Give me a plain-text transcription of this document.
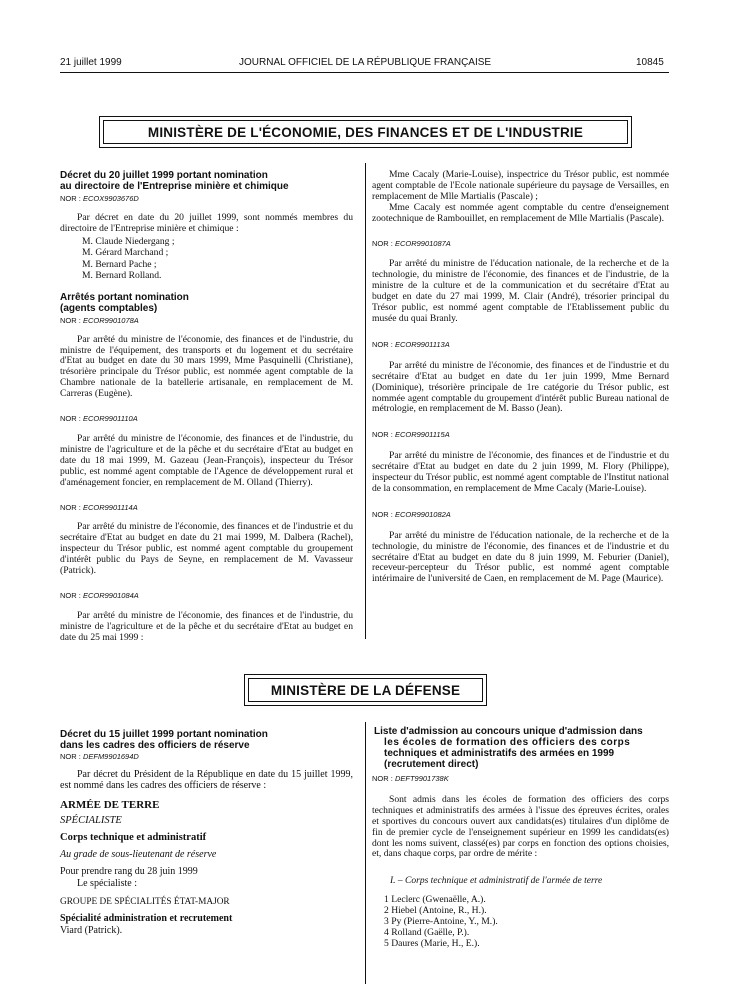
21 juillet 1999	JOURNAL OFFICIEL DE LA RÉPUBLIQUE FRANÇAISE	10845
MINISTÈRE DE L'ÉCONOMIE, DES FINANCES ET DE L'INDUSTRIE

Décret du 20 juillet 1999 portant nomination

au directoire de l'Entreprise minière et chimique

NOR : ECOX9903676D

Par décret en date du 20 juillet 1999, sont nommés membres du directoire de l'Entreprise minière et chimique :

M. Claude Niedergang ;
M. Gérard Marchand ;
M. Bernard Pache ;
M. Bernard Rolland.

Arrêtés portant nomination

(agents comptables)

NOR : ECOR9901078A

Par arrêté du ministre de l'économie, des finances et de l'industrie, du ministre de l'équipement, des transports et du logement et du secrétaire d'Etat au budget en date du 30 mars 1999, Mme Pasquinelli (Christiane), trésorière principale du Trésor public, est nommée agent comptable de la Chambre nationale de la batellerie artisanale, en remplacement de M. Carreras (Eugène).

NOR : ECOR9901110A

Par arrêté du ministre de l'économie, des finances et de l'industrie, du ministre de l'agriculture et de la pêche et du secrétaire d'Etat au budget en date du 18 mai 1999, M. Gazeau (Jean-François), inspecteur du Trésor public, est nommé agent comptable de l'Agence de développement rural et d'aménagement foncier, en remplacement de M. Olland (Thierry).

NOR : ECOR9901114A

Par arrêté du ministre de l'économie, des finances et de l'industrie et du secrétaire d'Etat au budget en date du 21 mai 1999, M. Dalbera (Rachel), inspecteur du Trésor public, est nommé agent comptable du groupement d'intérêt public du Pays de Seyne, en remplacement de M. Vavasseur (Patrick).

NOR : ECOR9901084A

Par arrêté du ministre de l'économie, des finances et de l'industrie, du ministre de l'agriculture et de la pêche et du secrétaire d'Etat au budget en date du 25 mai 1999 :

Mme Cacaly (Marie-Louise), inspectrice du Trésor public, est nommée agent comptable de l'Ecole nationale supérieure du paysage de Versailles, en remplacement de Mlle Martialis (Pascale) ;

Mme Cacaly est nommée agent comptable du centre d'enseignement zootechnique de Rambouillet, en remplacement de Mlle Martialis (Pascale).

NOR : ECOR9901087A

Par arrêté du ministre de l'éducation nationale, de la recherche et de la technologie, du ministre de l'économie, des finances et de l'industrie, de la ministre de la culture et de la communication et du secrétaire d'Etat au budget en date du 27 mai 1999, M. Clair (André), trésorier principal du Trésor public, est nommé agent comptable de l'Etablissement public du musée du quai Branly.

NOR : ECOR9901113A

Par arrêté du ministre de l'économie, des finances et de l'industrie et du secrétaire d'Etat au budget en date du 1er juin 1999, Mme Bernard (Dominique), trésorière principale de 1re catégorie du Trésor public, est nommée agent comptable du groupement d'intérêt public Bureau national de métrologie, en remplacement de M. Basso (Jean).

NOR : ECOR9901115A

Par arrêté du ministre de l'économie, des finances et de l'industrie et du secrétaire d'Etat au budget en date du 2 juin 1999, M. Flory (Philippe), inspecteur du Trésor public, est nommé agent comptable de l'Institut national de la consommation, en remplacement de Mme Cacaly (Marie-Louise).

NOR : ECOR9901082A

Par arrêté du ministre de l'éducation nationale, de la recherche et de la technologie, du ministre de l'économie, des finances et de l'industrie et du secrétaire d'Etat au budget en date du 8 juin 1999, M. Feburier (Daniel), receveur-percepteur du Trésor public, est nommé agent comptable intérimaire de l'université de Caen, en remplacement de M. Page (Maurice).

MINISTÈRE DE LA DÉFENSE

Décret du 15 juillet 1999 portant nomination

dans les cadres des officiers de réserve

NOR : DEFM9901694D

Par décret du Président de la République en date du 15 juillet 1999, est nommé dans les cadres des officiers de réserve :

ARMÉE DE TERRE

SPÉCIALISTE

Corps technique et administratif

Au grade de sous-lieutenant de réserve

Pour prendre rang du 28 juin 1999

Le spécialiste :

GROUPE DE SPÉCIALITÉS ÉTAT-MAJOR

Spécialité administration et recrutement

Viard (Patrick).

Liste d'admission au concours unique d'admission dans

les écoles de formation des officiers des corps

techniques et administratifs des armées en 1999

(recrutement direct)

NOR : DEFT9901738K

Sont admis dans les écoles de formation des officiers des corps techniques et administratifs des armées à l'issue des épreuves écrites, orales et sportives du concours ouvert aux candidats(es) titulaires d'un diplôme de fin de premier cycle de l'enseignement supérieur en 1999 les candidats(es) dont les noms suivent, classé(es) par corps en fonction des options choisies, et, dans chaque corps, par ordre de mérite :

I. – Corps technique et administratif de l'armée de terre

1 Leclerc (Gwenaëlle, A.).
2 Hiebel (Antoine, R., H.).
3 Py (Pierre-Antoine, Y., M.).
4 Rolland (Gaëlle, P.).
5 Daures (Marie, H., E.).
